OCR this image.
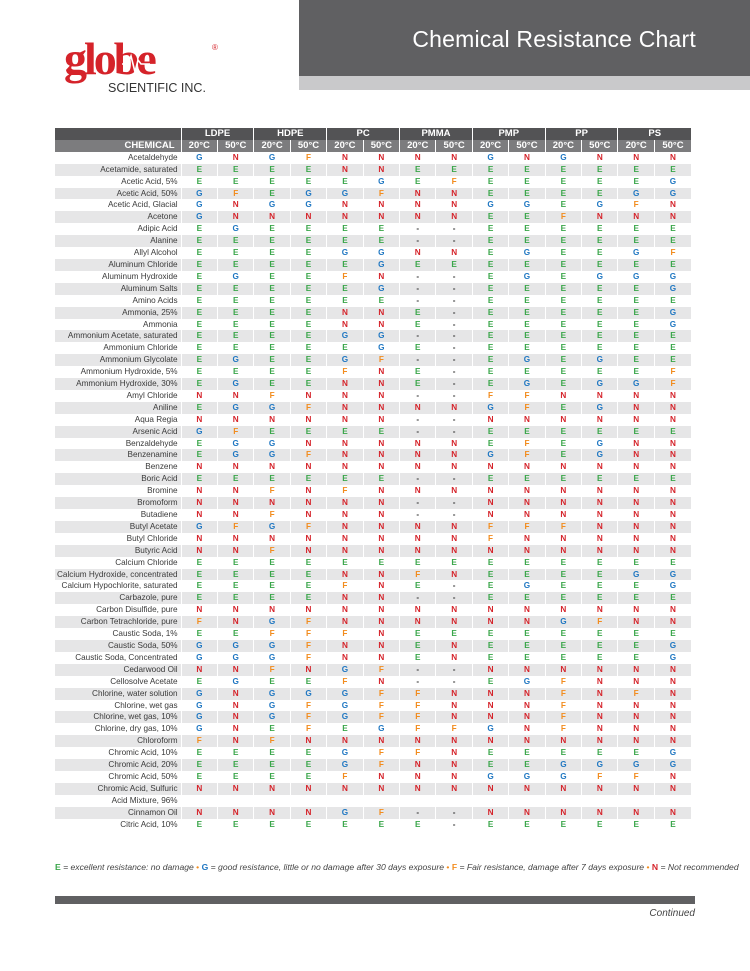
globe	®
SCIENTIFIC INC.
Chemical Resistance Chart
	LDPE		HDPE		PC		PMMA		PMP		PP		PS	
CHEMICAL	20°C	50°C	20°C	50°C	20°C	50°C	20°C	50°C	20°C	50°C	20°C	50°C	20°C	50°C
Acetaldehyde	G	N	G	F	N	N	N	N	G	N	G	N	N	N
Acetamide, saturated	E	E	E	E	N	N	E	E	E	E	E	E	E	E
Acetic Acid, 5%	E	E	E	E	E	G	E	F	E	E	E	E	E	G
Acetic Acid, 50%	G	F	E	G	G	F	N	N	E	E	E	E	G	G
Acetic Acid, Glacial	G	N	G	G	N	N	N	N	G	G	E	G	F	N
Acetone	G	N	N	N	N	N	N	N	E	E	F	N	N	N
Adipic Acid	E	G	E	E	E	E	-	-	E	E	E	E	E	E
Alanine	E	E	E	E	E	E	-	-	E	E	E	E	E	E
Allyl Alcohol	E	E	E	E	G	G	N	N	E	G	E	E	G	F
Aluminum Chloride	E	E	E	E	E	G	E	E	E	E	E	E	E	E
Aluminum Hydroxide	E	G	E	E	F	N	-	-	E	G	E	G	G	G
Aluminum Salts	E	E	E	E	E	G	-	-	E	E	E	E	E	G
Amino Acids	E	E	E	E	E	E	-	-	E	E	E	E	E	E
Ammonia, 25%	E	E	E	E	N	N	E	-	E	E	E	E	E	G
Ammonia	E	E	E	E	N	N	E	-	E	E	E	E	E	G
Ammonium Acetate, saturated	E	E	E	E	G	G	-	-	E	E	E	E	E	E
Ammonium Chloride	E	E	E	E	E	G	E	-	E	E	E	E	E	E
Ammonium Glycolate	E	G	E	E	G	F	-	-	E	G	E	G	E	E
Ammonium Hydroxide, 5%	E	E	E	E	F	N	E	-	E	E	E	E	E	F
Ammonium Hydroxide, 30%	E	G	E	E	N	N	E	-	E	G	E	G	G	F
Amyl Chloride	N	N	F	N	N	N	-	-	F	F	N	N	N	N
Aniline	E	G	G	F	N	N	N	N	G	F	E	G	N	N
Aqua Regia	N	N	N	N	N	N	-	-	N	N	N	N	N	N
Arsenic Acid	G	F	E	E	E	E	-	-	E	E	E	E	E	E
Benzaldehyde	E	G	G	N	N	N	N	N	E	F	E	G	N	N
Benzenamine	E	G	G	F	N	N	N	N	G	F	E	G	N	N
Benzene	N	N	N	N	N	N	N	N	N	N	N	N	N	N
Boric Acid	E	E	E	E	E	E	-	-	E	E	E	E	E	E
Bromine	N	N	F	N	F	N	N	N	N	N	N	N	N	N
Bromoform	N	N	N	N	N	N	-	-	N	N	N	N	N	N
Butadiene	N	N	F	N	N	N	-	-	N	N	N	N	N	N
Butyl Acetate	G	F	G	F	N	N	N	N	F	F	F	N	N	N
Butyl Chloride	N	N	N	N	N	N	N	N	F	N	N	N	N	N
Butyric Acid	N	N	F	N	N	N	N	N	N	N	N	N	N	N
Calcium Chloride	E	E	E	E	E	E	E	E	E	E	E	E	E	E
Calcium Hydroxide, concentrated	E	E	E	E	N	N	F	N	E	E	E	E	G	G
Calcium Hypochlorite, saturated	E	E	E	E	F	N	E	-	E	G	E	E	E	G
Carbazole, pure	E	E	E	E	N	N	-	-	E	E	E	E	E	E
Carbon Disulfide, pure	N	N	N	N	N	N	N	N	N	N	N	N	N	N
Carbon Tetrachloride, pure	F	N	G	F	N	N	N	N	N	N	G	F	N	N
Caustic Soda, 1%	E	E	F	F	F	N	E	E	E	E	E	E	E	E
Caustic Soda, 50%	G	G	G	F	N	N	E	N	E	E	E	E	E	G
Caustic Soda, Concentrated	G	G	G	F	N	N	E	N	E	E	E	E	E	G
Cedarwood Oil	N	N	F	N	G	F	-	-	N	N	N	N	N	N
Cellosolve Acetate	E	G	E	E	F	N	-	-	E	G	F	N	N	N
Chlorine, water solution	G	N	G	G	G	F	F	N	N	N	F	N	F	N
Chlorine, wet gas	G	N	G	F	G	F	F	N	N	N	F	N	N	N
Chlorine, wet gas, 10%	G	N	G	F	G	F	F	N	N	N	F	N	N	N
Chlorine, dry gas, 10%	G	N	E	F	E	G	F	F	G	N	F	N	N	N
Chloroform	F	N	F	N	N	N	N	N	N	N	N	N	N	N
Chromic Acid, 10%	E	E	E	E	G	F	F	N	E	E	E	E	E	G
Chromic Acid, 20%	E	E	E	E	G	F	N	N	E	E	G	G	G	G
Chromic Acid, 50%	E	E	E	E	F	N	N	N	G	G	G	F	F	N
Chromic Acid, Sulfuric	N	N	N	N	N	N	N	N	N	N	N	N	N	N
Acid Mixture, 96%														
Cinnamon Oil	N	N	N	N	G	F	-	-	N	N	N	N	N	N
Citric Acid, 10%	E	E	E	E	E	E	E	-	E	E	E	E	E	E
E = excellent resistance: no damage • G = good resistance, little or no damage after 30 days exposure • F = Fair resistance, damage after 7 days exposure • N = Not recommended
Continued
